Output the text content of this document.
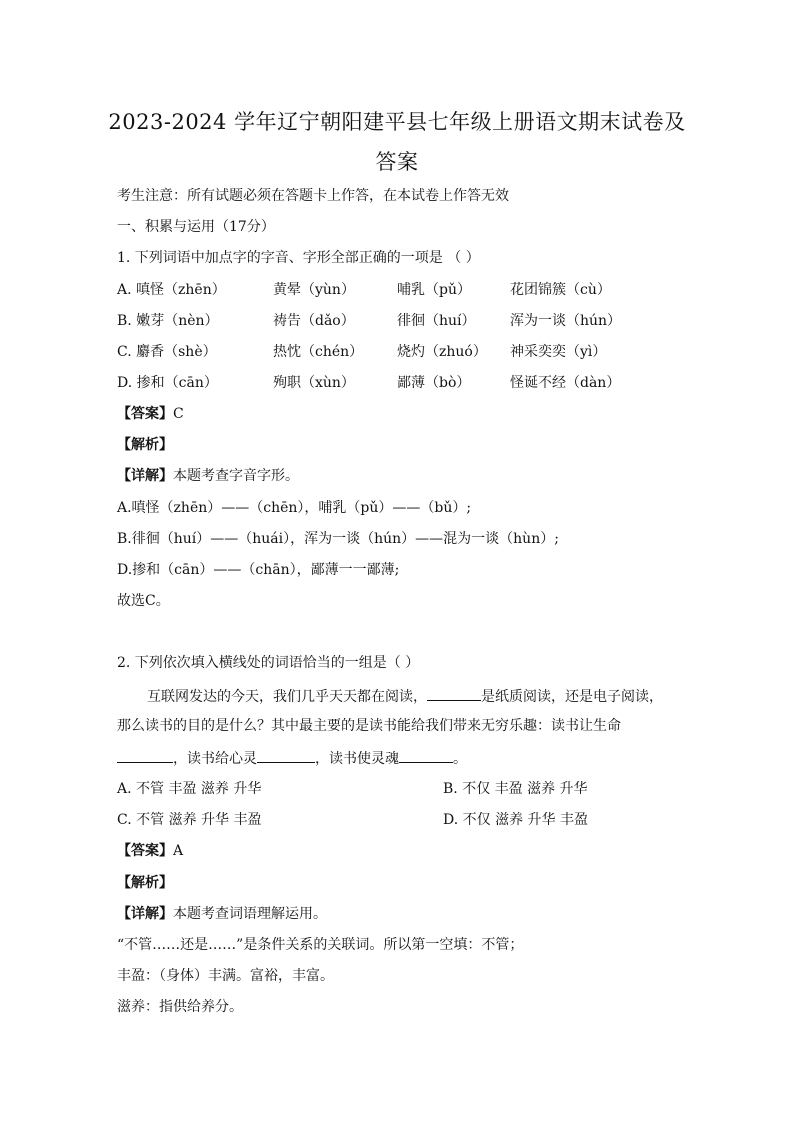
2023-2024 学年辽宁朝阳建平县七年级上册语文期末试卷及
答案
考生注意：所有试题必须在答题卡上作答，在本试卷上作答无效
一、积累与运用（17分）
1. 下列词语中加点字的字音、字形全部正确的一项是 （ ）
A. 嗔怪（zhēn）	黄晕（yùn）	哺乳（pǔ）	花团锦簇（cù）
B. 嫩芽（nèn）	祷告（dǎo）	徘徊（huí） 浑为一谈（hún）
C. 麝香（shè）	热忱（chén） 烧灼（zhuó） 神采奕奕（yì）
D. 掺和（cān）	殉职（xùn）	鄙薄（bò）	怪诞不经（dàn）
【答案】C
【解析】
【详解】本题考查字音字形。
A.嗔怪（zhēn）——（chēn），哺乳（pǔ）——（bǔ）;
B.徘徊（huí）——（huái），浑为一谈（hún）——混为一谈（hùn）;
D.掺和（cān）——（chān），鄙薄一一鄙薄;
故选C。
2. 下列依次填入横线处的词语恰当的一组是（ ）
互联网发达的今天，我们几乎天天都在阅读，	是纸质阅读，还是电子阅读，
那么读书的目的是什么？其中最主要的是读书能给我们带来无穷乐趣：读书让生命
，读书给心灵	，读书使灵魂	。
A. 不管 丰盈 滋养 升华	B. 不仅 丰盈 滋养 升华
C. 不管 滋养 升华 丰盈	D. 不仅 滋养 升华 丰盈
【答案】A
【解析】
【详解】本题考查词语理解运用。
“不管……还是……”是条件关系的关联词。所以第一空填：不管；
丰盈：（身体）丰满。富裕，丰富。
滋养：指供给养分。
